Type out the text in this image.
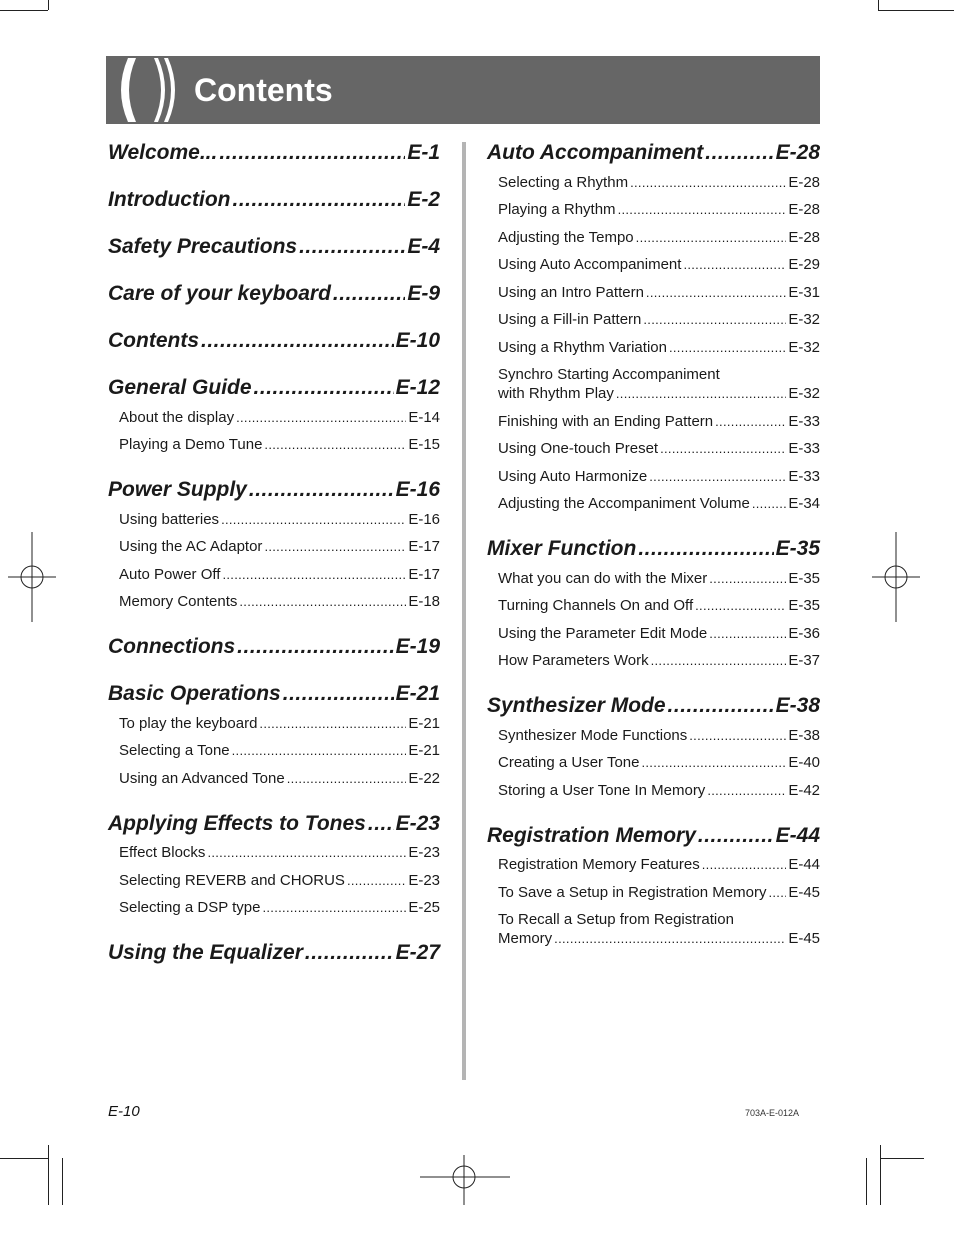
Contents
Welcome... .....	E-1
Introduction .....	E-2
Safety Precautions .....	E-4
Care of your keyboard .....	E-9
Contents .....	E-10
General Guide .....	E-12
About the display .....	E-14
Playing a Demo Tune .....	E-15
Power Supply .....	E-16
Using batteries .....	E-16
Using the AC Adaptor .....	E-17
Auto Power Off .....	E-17
Memory Contents .....	E-18
Connections .....	E-19
Basic Operations .....	E-21
To play the keyboard .....	E-21
Selecting a Tone .....	E-21
Using an Advanced Tone .....	E-22
Applying Effects to Tones ..... E-23
Effect Blocks .....	E-23
Selecting REVERB and CHORUS .....	E-23
Selecting a DSP type .....	E-25
Using the Equalizer .....	E-27
Auto Accompaniment .....	E-28
Selecting a Rhythm .....	E-28
Playing a Rhythm .....	E-28
Adjusting the Tempo .....	E-28
Using Auto Accompaniment .....	E-29
Using an Intro Pattern .....	E-31
Using a Fill-in Pattern .....	E-32
Using a Rhythm Variation .....	E-32
Synchro Starting Accompaniment
with Rhythm Play .....	E-32
Finishing with an Ending Pattern .....	E-33
Using One-touch Preset .....	E-33
Using Auto Harmonize .....	E-33
Adjusting the Accompaniment Volume .....	E-34
Mixer Function .....	E-35
What you can do with the Mixer .....	E-35
Turning Channels On and Off .....	E-35
Using the Parameter Edit Mode .....	E-36
How Parameters Work .....	E-37
Synthesizer Mode .....	E-38
Synthesizer Mode Functions .....	E-38
Creating a User Tone .....	E-40
Storing a User Tone In Memory .....	E-42
Registration Memory .....	E-44
Registration Memory Features .....	E-44
To Save a Setup in Registration Memory ..... E-45
To Recall a Setup from Registration
Memory .....	E-45
E-10	703A-E-012A
